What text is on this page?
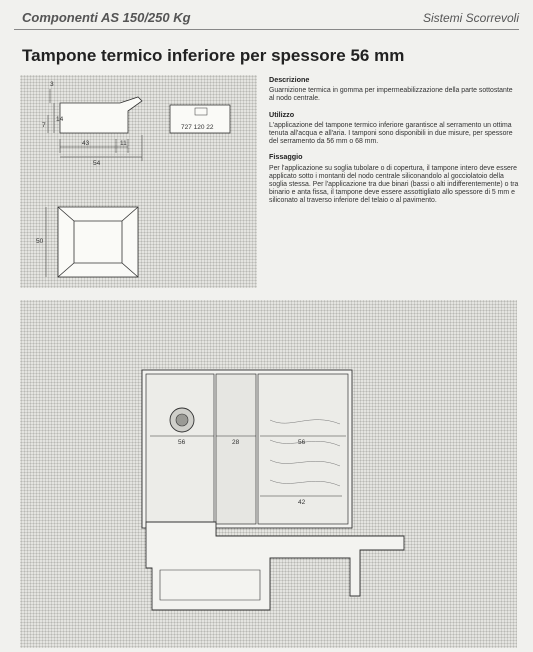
Componenti AS 150/250 Kg	Sistemi Scorrevoli
Tampone termico inferiore per spessore 56 mm
3
14
7
43	11
54
727 120 22
50
Descrizione

Guarnizione termica in gomma per impermeabilizzazione della parte sottostante al nodo centrale.

Utilizzo

L'applicazione del tampone termico inferiore garantisce al serramento un ottima tenuta all'acqua e all'aria. I tamponi sono disponibili in due misure, per spessore del serramento da 56 mm o 68 mm.

Fissaggio

Per l'applicazione su soglia tubolare o di copertura, il tampone intero deve essere applicato sotto i montanti del nodo centrale siliconandolo al gocciolatoio della soglia stessa. Per l'applicazione tra due binari (bassi o alti indifferentemente) o tra binario e anta fissa, il tampone deve essere assottigliato allo spessore di 5 mm e siliconato al traverso inferiore del telaio o al pavimento.

56	28	56
42
